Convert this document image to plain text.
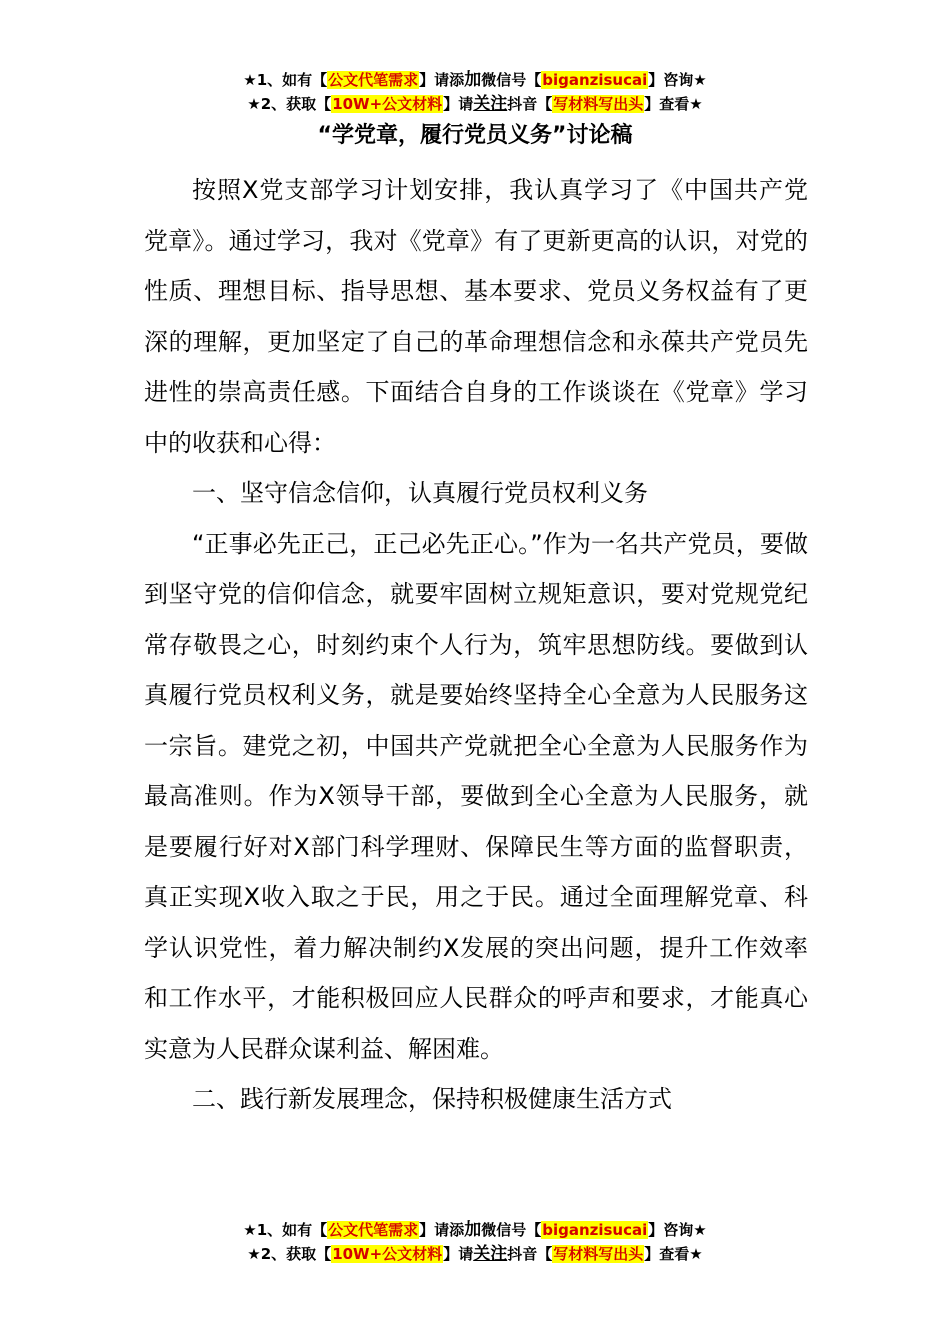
★1、如有【公文代笔需求】请添加微信号【biganzisucai】咨询★
★2、获取【10W+公文材料】请关注抖音【写材料写出头】查看★
“学党章，履行党员义务”讨论稿

按照X党支部学习计划安排，我认真学习了《中国共产党党章》。通过学习，我对《党章》有了更新更高的认识，对党的性质、理想目标、指导思想、基本要求、党员义务权益有了更深的理解，更加坚定了自己的革命理想信念和永葆共产党员先进性的崇高责任感。下面结合自身的工作谈谈在《党章》学习中的收获和心得：

一、坚守信念信仰，认真履行党员权利义务

“正事必先正己，正己必先正心。”作为一名共产党员，要做到坚守党的信仰信念，就要牢固树立规矩意识，要对党规党纪常存敬畏之心，时刻约束个人行为，筑牢思想防线。要做到认真履行党员权利义务，就是要始终坚持全心全意为人民服务这一宗旨。建党之初，中国共产党就把全心全意为人民服务作为最高准则。作为X领导干部，要做到全心全意为人民服务，就是要履行好对X部门科学理财、保障民生等方面的监督职责，真正实现X收入取之于民，用之于民。通过全面理解党章、科学认识党性，着力解决制约X发展的突出问题，提升工作效率和工作水平，才能积极回应人民群众的呼声和要求，才能真心实意为人民群众谋利益、解困难。

二、践行新发展理念，保持积极健康生活方式

★1、如有【公文代笔需求】请添加微信号【biganzisucai】咨询★
★2、获取【10W+公文材料】请关注抖音【写材料写出头】查看★
